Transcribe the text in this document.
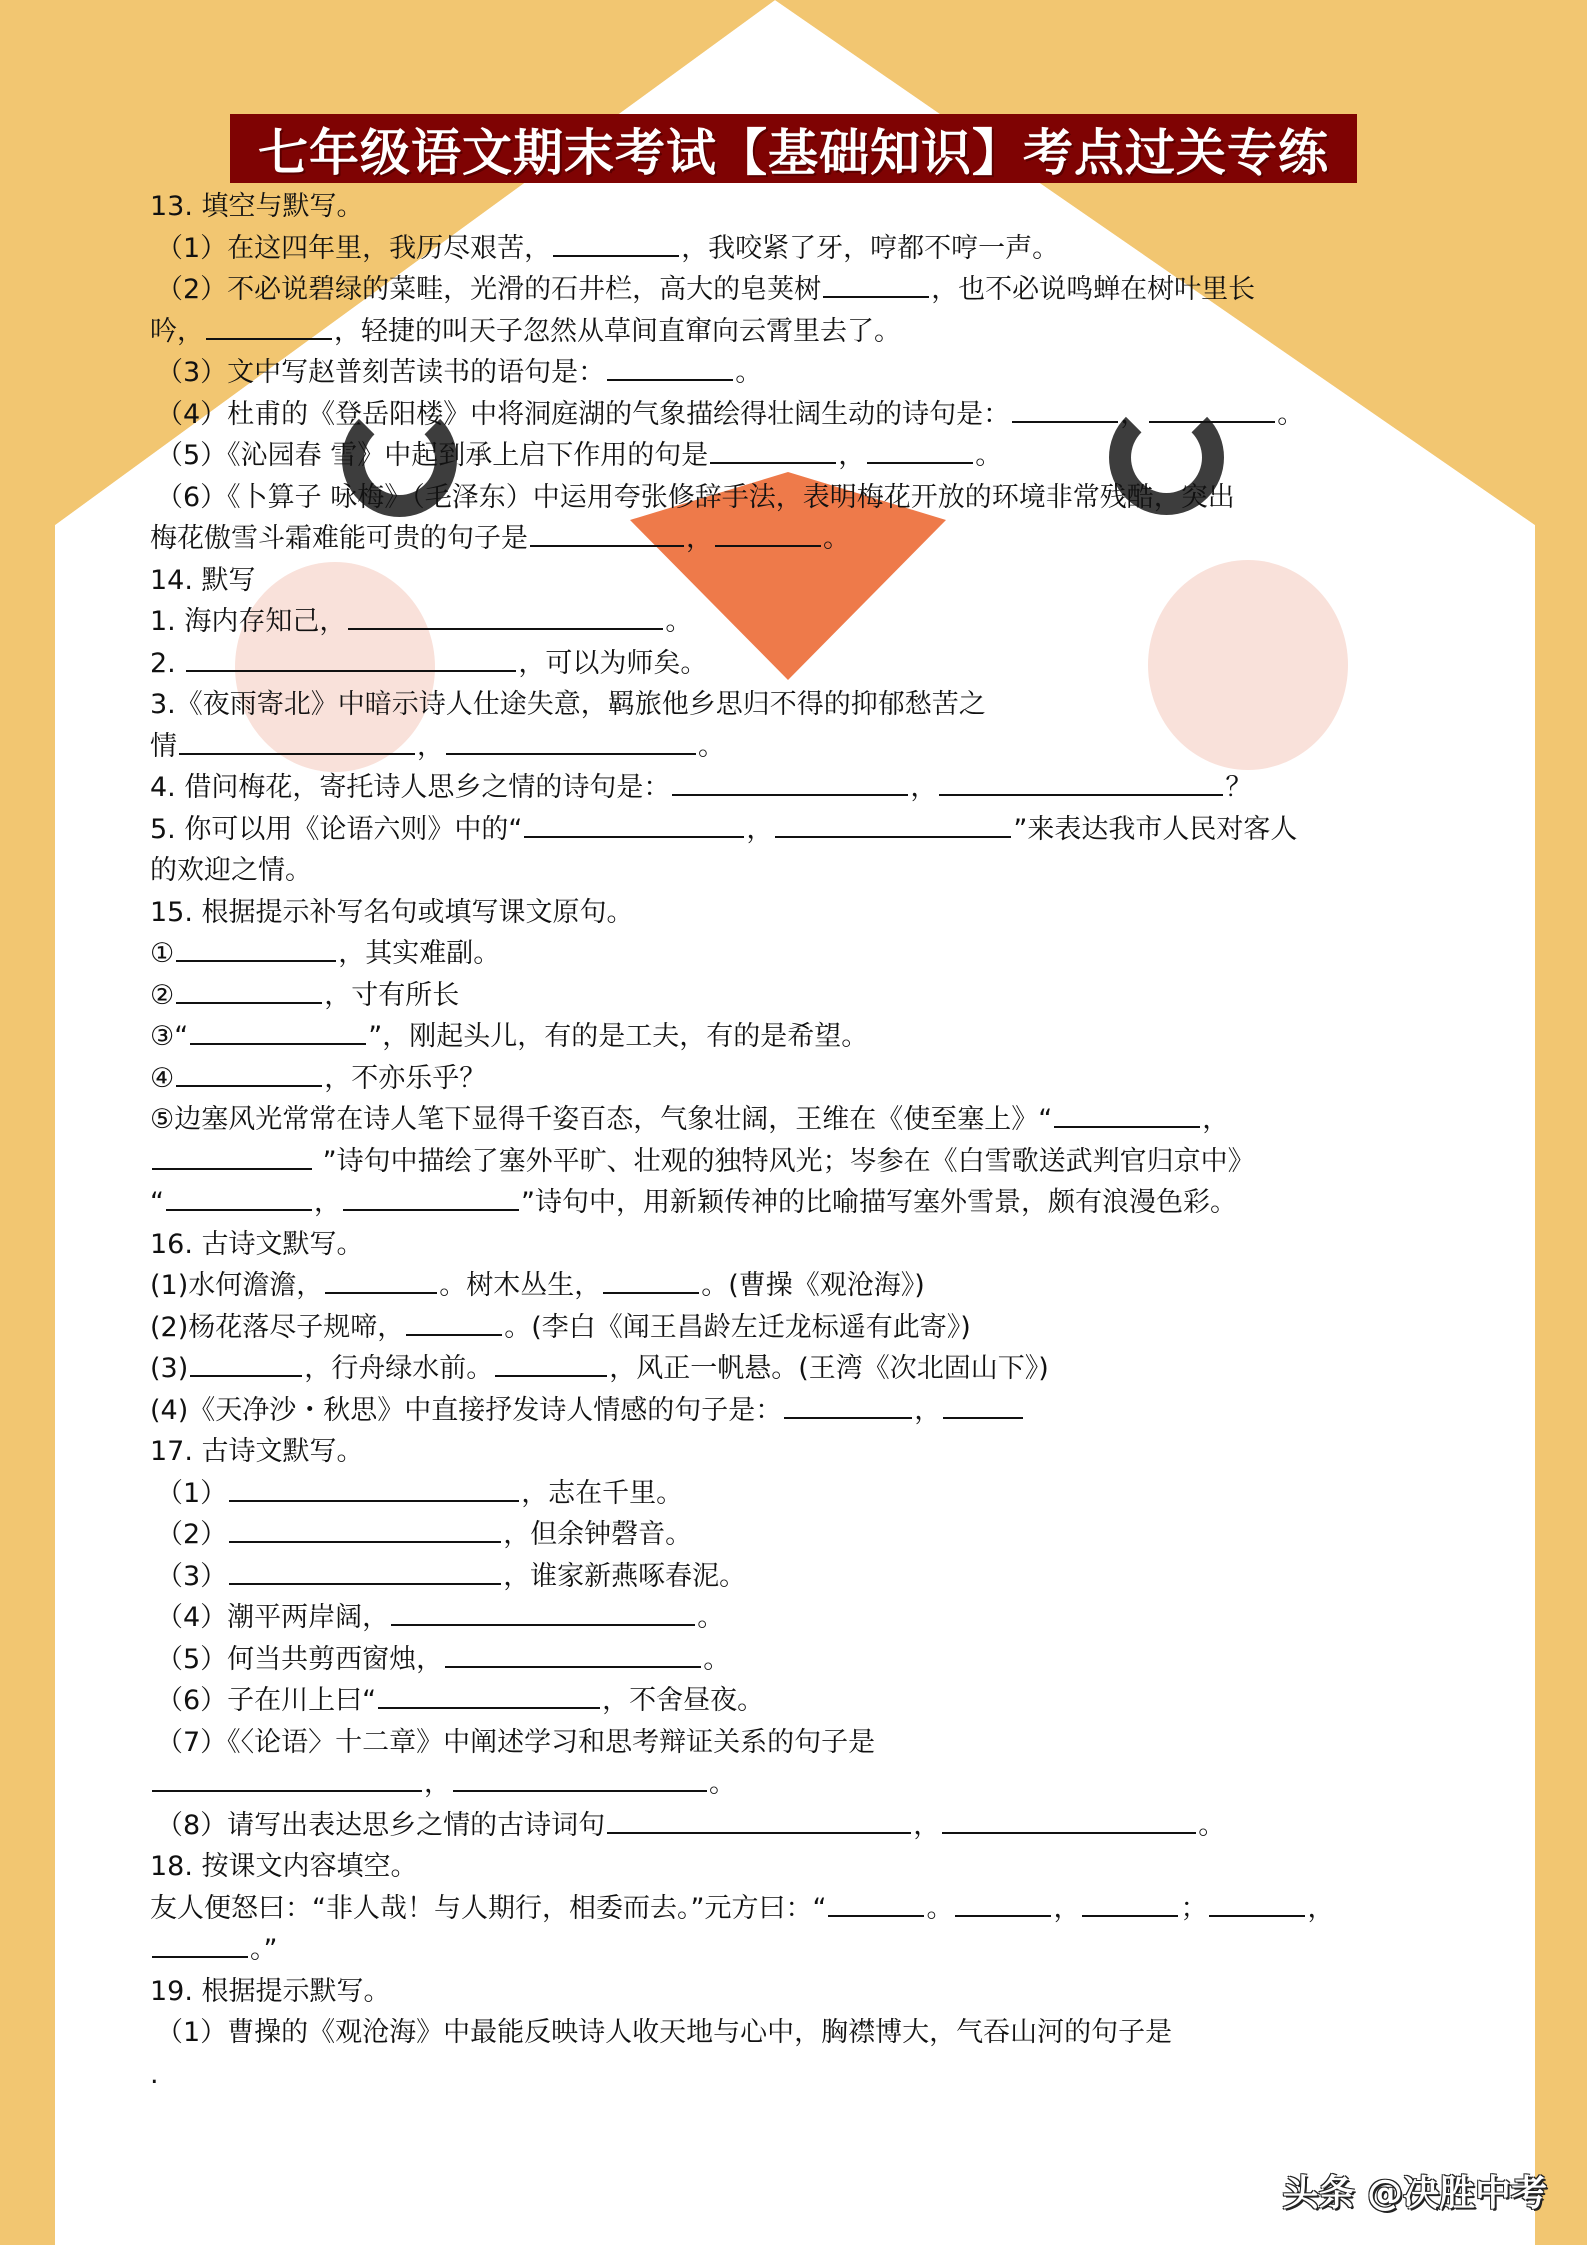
七年级语文期末考试【基础知识】考点过关专练
13. 填空与默写。
（1）在这四年里，我历尽艰苦，	，我咬紧了牙，哼都不哼一声。
（2）不必说碧绿的菜畦，光滑的石井栏，高大的皂荚树	，也不必说鸣蝉在树叶里长
吟，	，轻捷的叫天子忽然从草间直窜向云霄里去了。
（3）文中写赵普刻苦读书的语句是：	。
（4）杜甫的《登岳阳楼》中将洞庭湖的气象描绘得壮阔生动的诗句是：	，	。
（5）《沁园春 雪》中起到承上启下作用的句是	，	。
（6）《卜算子 咏梅》（毛泽东）中运用夸张修辞手法，表明梅花开放的环境非常残酷，突出
梅花傲雪斗霜难能可贵的句子是	，	。
14. 默写
1. 海内存知己，	。
2.	，可以为师矣。
3.《夜雨寄北》中暗示诗人仕途失意，羁旅他乡思归不得的抑郁愁苦之
情	，	。
4. 借问梅花，寄托诗人思乡之情的诗句是：	，	？
5. 你可以用《论语六则》中的“	，	”来表达我市人民对客人
的欢迎之情。
15. 根据提示补写名句或填写课文原句。
①	，其实难副。
②	，寸有所长
③“	”，刚起头儿，有的是工夫，有的是希望。
④	，不亦乐乎？
⑤边塞风光常常在诗人笔下显得千姿百态，气象壮阔，王维在《使至塞上》“	，
”诗句中描绘了塞外平旷、壮观的独特风光；岑参在《白雪歌送武判官归京中》
“	，	”诗句中，用新颖传神的比喻描写塞外雪景，颇有浪漫色彩。
16. 古诗文默写。
(1)水何澹澹，	。树木丛生，	。(曹操《观沧海》)
(2)杨花落尽子规啼，	。(李白《闻王昌龄左迁龙标遥有此寄》)
(3)	，行舟绿水前。	，风正一帆悬。(王湾《次北固山下》)
(4)《天净沙・秋思》中直接抒发诗人情感的句子是：	，
17. 古诗文默写。
（1）	，志在千里。
（2）	，但余钟磬音。
（3）	，谁家新燕啄春泥。
（4）潮平两岸阔，	。
（5）何当共剪西窗烛，	。
（6）子在川上曰“	，不舍昼夜。
（7）《〈论语〉十二章》中阐述学习和思考辩证关系的句子是
，	。
（8）请写出表达思乡之情的古诗词句	，	。
18. 按课文内容填空。
友人便怒曰：“非人哉！与人期行，相委而去。”元方曰：“	。	，	；	，
。”
19. 根据提示默写。
（1）曹操的《观沧海》中最能反映诗人收天地与心中，胸襟博大，气吞山河的句子是
.
头条 @决胜中考
